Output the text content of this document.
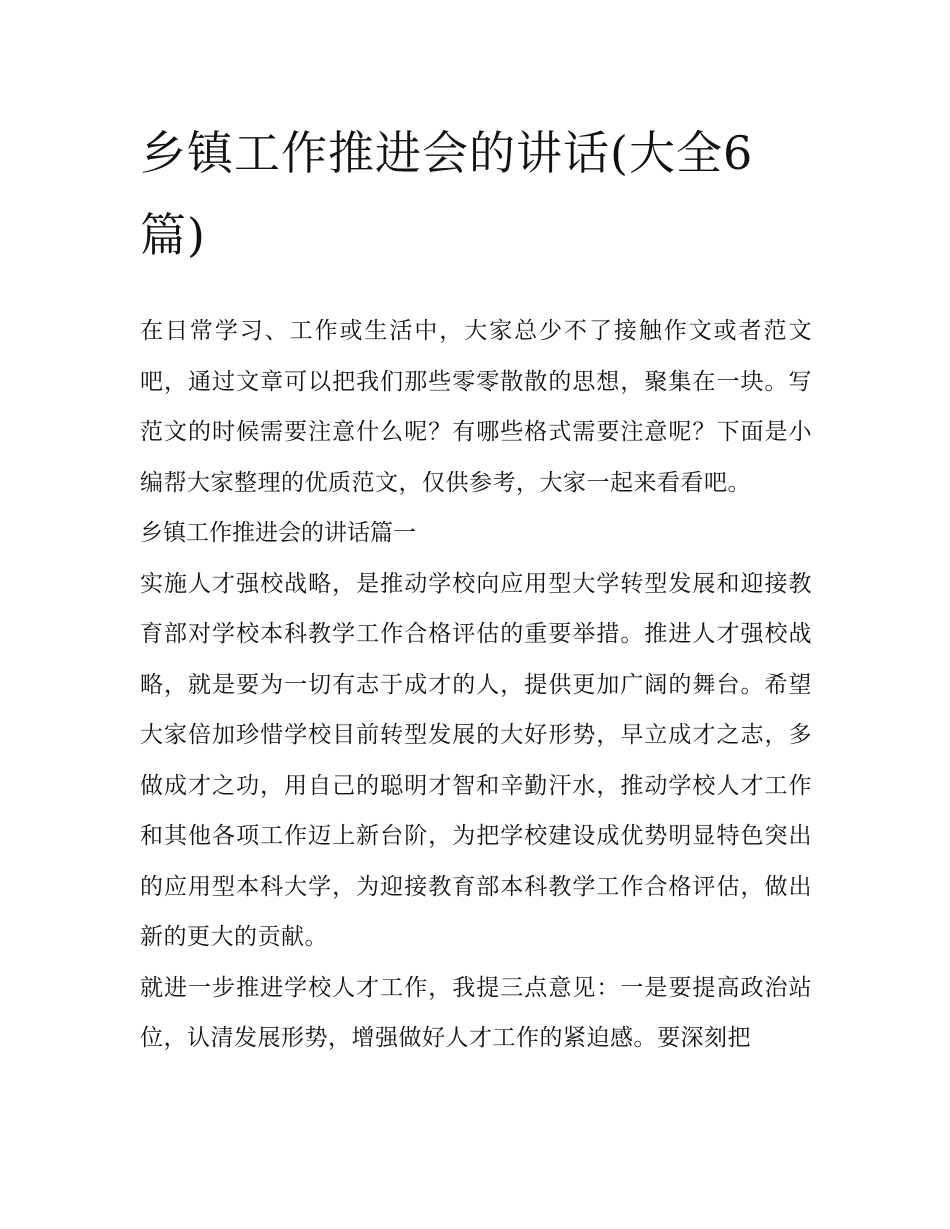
乡镇工作推进会的讲话(大全6篇)

在日常学习、工作或生活中，大家总少不了接触作文或者范文吧，通过文章可以把我们那些零零散散的思想，聚集在一块。写范文的时候需要注意什么呢？有哪些格式需要注意呢？下面是小编帮大家整理的优质范文，仅供参考，大家一起来看看吧。

乡镇工作推进会的讲话篇一

实施人才强校战略，是推动学校向应用型大学转型发展和迎接教育部对学校本科教学工作合格评估的重要举措。推进人才强校战略，就是要为一切有志于成才的人，提供更加广阔的舞台。希望大家倍加珍惜学校目前转型发展的大好形势，早立成才之志，多做成才之功，用自己的聪明才智和辛勤汗水，推动学校人才工作和其他各项工作迈上新台阶，为把学校建设成优势明显特色突出的应用型本科大学，为迎接教育部本科教学工作合格评估，做出新的更大的贡献。

就进一步推进学校人才工作，我提三点意见：一是要提高政治站位，认清发展形势，增强做好人才工作的紧迫感。要深刻把
